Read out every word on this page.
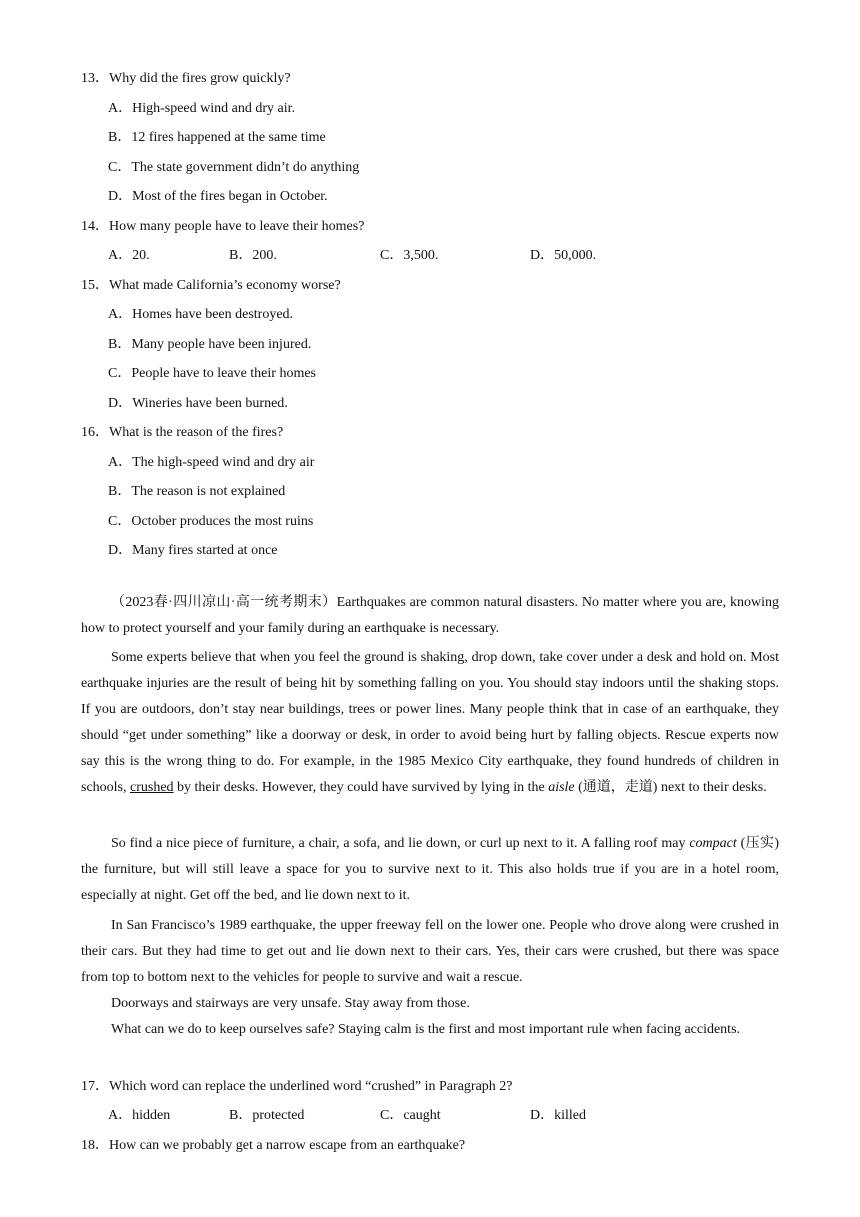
13．Why did the fires grow quickly?
A．High-speed wind and dry air.
B．12 fires happened at the same time
C．The state government didn’t do anything
D．Most of the fires began in October.
14．How many people have to leave their homes?
A．20.	B．200.	C．3,500.	D．50,000.
15．What made California’s economy worse?
A．Homes have been destroyed.
B．Many people have been injured.
C．People have to leave their homes
D．Wineries have been burned.
16．What is the reason of the fires?
A．The high-speed wind and dry air
B．The reason is not explained
C．October produces the most ruins
D．Many fires started at once
（2023春·四川凉山·高一统考期末）Earthquakes are common natural disasters. No matter where you are, knowing how to protect yourself and your family during an earthquake is necessary.
Some experts believe that when you feel the ground is shaking, drop down, take cover under a desk and hold on. Most earthquake injuries are the result of being hit by something falling on you. You should stay indoors until the shaking stops. If you are outdoors, don’t stay near buildings, trees or power lines. Many people think that in case of an earthquake, they should “get under something” like a doorway or desk, in order to avoid being hurt by falling objects. Rescue experts now say this is the wrong thing to do. For example, in the 1985 Mexico City earthquake, they found hundreds of children in schools, crushed by their desks. However, they could have survived by lying in the aisle (通道，走道) next to their desks.
So find a nice piece of furniture, a chair, a sofa, and lie down, or curl up next to it. A falling roof may compact (压实) the furniture, but will still leave a space for you to survive next to it. This also holds true if you are in a hotel room, especially at night. Get off the bed, and lie down next to it.
In San Francisco’s 1989 earthquake, the upper freeway fell on the lower one. People who drove along were crushed in their cars. But they had time to get out and lie down next to their cars. Yes, their cars were crushed, but there was space from top to bottom next to the vehicles for people to survive and wait a rescue.
Doorways and stairways are very unsafe. Stay away from those.
What can we do to keep ourselves safe? Staying calm is the first and most important rule when facing accidents.
17．Which word can replace the underlined word “crushed” in Paragraph 2?
A．hidden	B．protected	C．caught	D．killed
18．How can we probably get a narrow escape from an earthquake?
